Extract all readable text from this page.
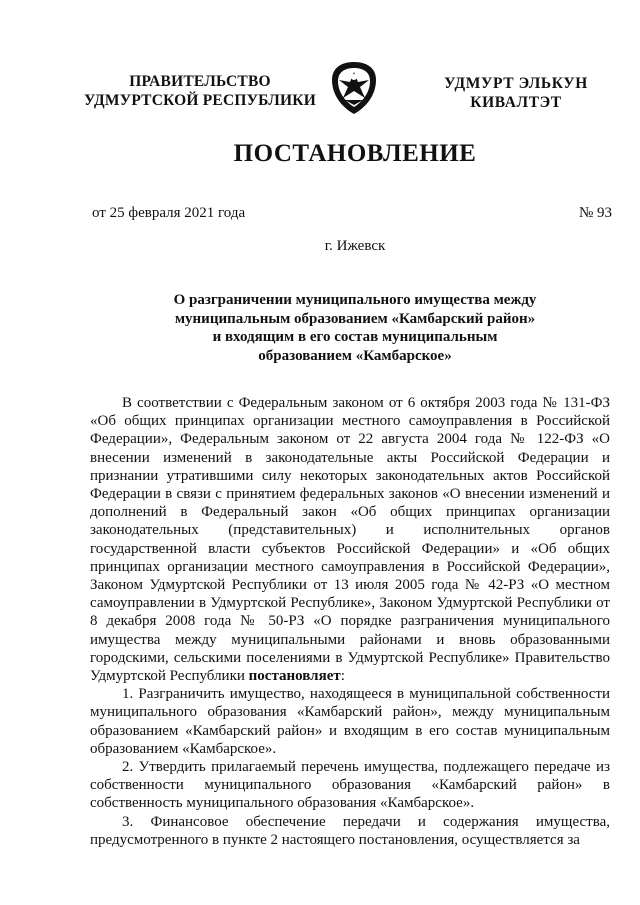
ПРАВИТЕЛЬСТВО
УДМУРТСКОЙ РЕСПУБЛИКИ
УДМУРТ ЭЛЬКУН
КИВАЛТЭТ
ПОСТАНОВЛЕНИЕ
от 25 февраля 2021 года	№ 93
г. Ижевск
О разграничении муниципального имущества между
муниципальным образованием «Камбарский район»
и входящим в его состав муниципальным
образованием «Камбарское»

В соответствии с Федеральным законом от 6 октября 2003 года № 131-ФЗ «Об общих принципах организации местного самоуправления в Российской Федерации», Федеральным законом от 22 августа 2004 года № 122-ФЗ «О внесении изменений в законодательные акты Российской Федерации и признании утратившими силу некоторых законодательных актов Российской Федерации в связи с принятием федеральных законов «О внесении изменений и дополнений в Федеральный закон «Об общих принципах организации законодательных (представительных) и исполнительных органов государственной власти субъектов Российской Федерации» и «Об общих принципах организации местного самоуправления в Российской Федерации», Законом Удмуртской Республики от 13 июля 2005 года № 42-РЗ «О местном самоуправлении в Удмуртской Республике», Законом Удмуртской Республики от 8 декабря 2008 года № 50-РЗ «О порядке разграничения муниципального имущества между муниципальными районами и вновь образованными городскими, сельскими поселениями в Удмуртской Республике» Правительство Удмуртской Республики постановляет:

1. Разграничить имущество, находящееся в муниципальной собственности муниципального образования «Камбарский район», между муниципальным образованием «Камбарский район» и входящим в его состав муниципальным образованием «Камбарское».

2. Утвердить прилагаемый перечень имущества, подлежащего передаче из собственности муниципального образования «Камбарский район» в собственность муниципального образования «Камбарское».

3. Финансовое обеспечение передачи и содержания имущества, предусмотренного в пункте 2 настоящего постановления, осуществляется за
